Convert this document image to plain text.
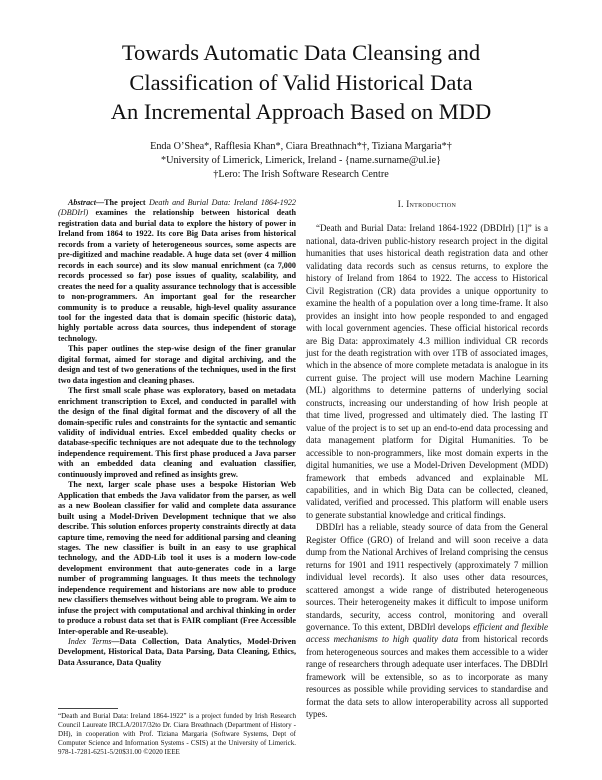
Towards Automatic Data Cleansing and
Classification of Valid Historical Data
An Incremental Approach Based on MDD
Enda O’Shea*, Rafflesia Khan*, Ciara Breathnach*†, Tiziana Margaria*†
*University of Limerick, Limerick, Ireland - {name.surname@ul.ie}
†Lero: The Irish Software Research Centre

Abstract—The project Death and Burial Data: Ireland 1864-1922 (DBDIrl) examines the relationship between historical death registration data and burial data to explore the history of power in Ireland from 1864 to 1922. Its core Big Data arises from historical records from a variety of heterogeneous sources, some aspects are pre-digitized and machine readable. A huge data set (over 4 million records in each source) and its slow manual enrichment (ca 7,000 records processed so far) pose issues of quality, scalability, and creates the need for a quality assurance technology that is accessible to non-programmers. An important goal for the researcher community is to produce a reusable, high-level quality assurance tool for the ingested data that is domain specific (historic data), highly portable across data sources, thus independent of storage technology.

This paper outlines the step-wise design of the finer granular digital format, aimed for storage and digital archiving, and the design and test of two generations of the techniques, used in the first two data ingestion and cleaning phases.

The first small scale phase was exploratory, based on metadata enrichment transcription to Excel, and conducted in parallel with the design of the final digital format and the discovery of all the domain-specific rules and constraints for the syntactic and semantic validity of individual entries. Excel embedded quality checks or database-specific techniques are not adequate due to the technology independence requirement. This first phase produced a Java parser with an embedded data cleaning and evaluation classifier, continuously improved and refined as insights grew.

The next, larger scale phase uses a bespoke Historian Web Application that embeds the Java validator from the parser, as well as a new Boolean classifier for valid and complete data assurance built using a Model-Driven Development technique that we also describe. This solution enforces property constraints directly at data capture time, removing the need for additional parsing and cleaning stages. The new classifier is built in an easy to use graphical technology, and the ADD-Lib tool it uses is a modern low-code development environment that auto-generates code in a large number of programming languages. It thus meets the technology independence requirement and historians are now able to produce new classifiers themselves without being able to program. We aim to infuse the project with computational and archival thinking in order to produce a robust data set that is FAIR compliant (Free Accessible Inter-operable and Re-useable).

Index Terms—Data Collection, Data Analytics, Model-Driven Development, Historical Data, Data Parsing, Data Cleaning, Ethics, Data Assurance, Data Quality

“Death and Burial Data: Ireland 1864-1922” is a project funded by Irish Research Council Laureate IRCLA/2017/32to Dr. Ciara Breathnach (Department of History - DH), in cooperation with Prof. Tiziana Margaria (Software Systems, Dept of Computer Science and Information Systems - CSIS) at the University of Limerick. 978-1-7281-6251-5/20$31.00 ©2020 IEEE
I. Introduction

“Death and Burial Data: Ireland 1864-1922 (DBDIrl) [1]” is a national, data-driven public-history research project in the digital humanities that uses historical death registration data and other validating data records such as census returns, to explore the history of Ireland from 1864 to 1922. The access to Historical Civil Registration (CR) data provides a unique opportunity to examine the health of a population over a long time-frame. It also provides an insight into how people responded to and engaged with local government agencies. These official historical records are Big Data: approximately 4.3 million individual CR records just for the death registration with over 1TB of associated images, which in the absence of more complete metadata is analogue in its current guise. The project will use modern Machine Learning (ML) algorithms to determine patterns of underlying social constructs, increasing our understanding of how Irish people at that time lived, progressed and ultimately died. The lasting IT value of the project is to set up an end-to-end data processing and data management platform for Digital Humanities. To be accessible to non-programmers, like most domain experts in the digital humanities, we use a Model-Driven Development (MDD) framework that embeds advanced and explainable ML capabilities, and in which Big Data can be collected, cleaned, validated, verified and processed. This platform will enable users to generate substantial knowledge and critical findings.

DBDIrl has a reliable, steady source of data from the General Register Office (GRO) of Ireland and will soon receive a data dump from the National Archives of Ireland comprising the census returns for 1901 and 1911 respectively (approximately 7 million individual level records). It also uses other data resources, scattered amongst a wide range of distributed heterogeneous sources. Their heterogeneity makes it difficult to impose uniform standards, security, access control, monitoring and overall governance. To this extent, DBDIrl develops efficient and flexible access mechanisms to high quality data from historical records from heterogeneous sources and makes them accessible to a wider range of researchers through adequate user interfaces. The DBDIrl framework will be extensible, so as to incorporate as many resources as possible while providing services to standardise and format the data sets to allow interoperability across all supported types.
